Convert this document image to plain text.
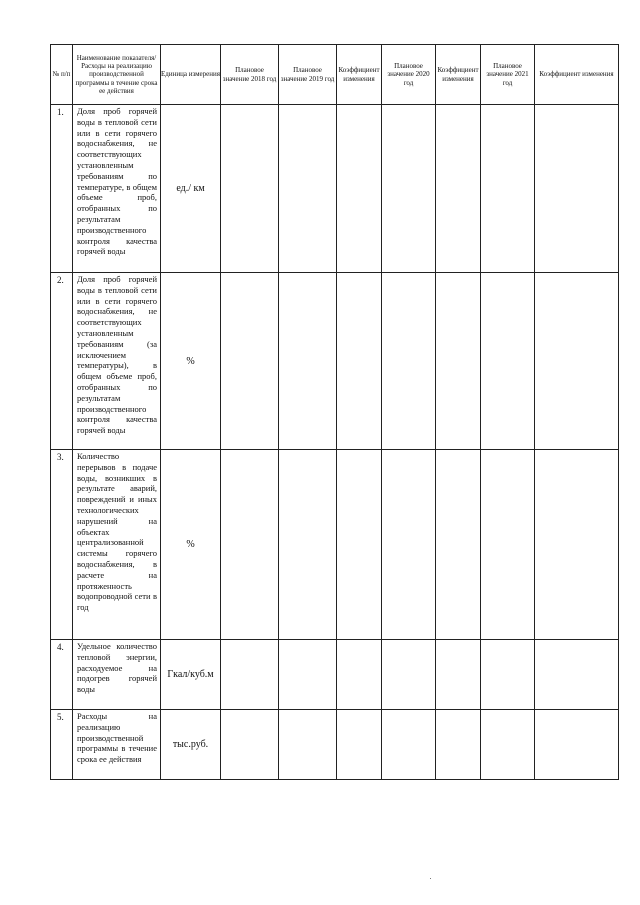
№ п/п	Наименование показателя/Расходы на реализацию производственной программы в течение срока ее действия	Единица измерения	Плановое значение 2018 год	Плановое значение 2019 год	Коэффициент изменения	Плановое значение 2020 год	Коэффициент изменения	Плановое значение 2021 год	Коэффициент изменения
1.	Доля проб горячей воды в тепловой сети или в сети горячего водоснабжения, не соответствующих установленным требованиям по температуре, в общем объеме проб, отобранных по результатам производственного контроля качества горячей воды	ед./ км							
2.	Доля проб горячей воды в тепловой сети или в сети горячего водоснабжения, не соответствующих установленным требованиям (за исключением температуры), в общем объеме проб, отобранных по результатам производственного контроля качества горячей воды	%							
3.	Количество перерывов в подаче воды, возникших в результате аварий, повреждений и иных технологических нарушений на объектах централизованной системы горячего водоснабжения, в расчете на протяженность водопроводной сети в год	%							
4.	Удельное количество тепловой энергии, расходуемое на подогрев горячей воды	Гкал/куб.м							
5.	Расходы на реализацию производственной программы в течение срока ее действия	тыс.руб.							
